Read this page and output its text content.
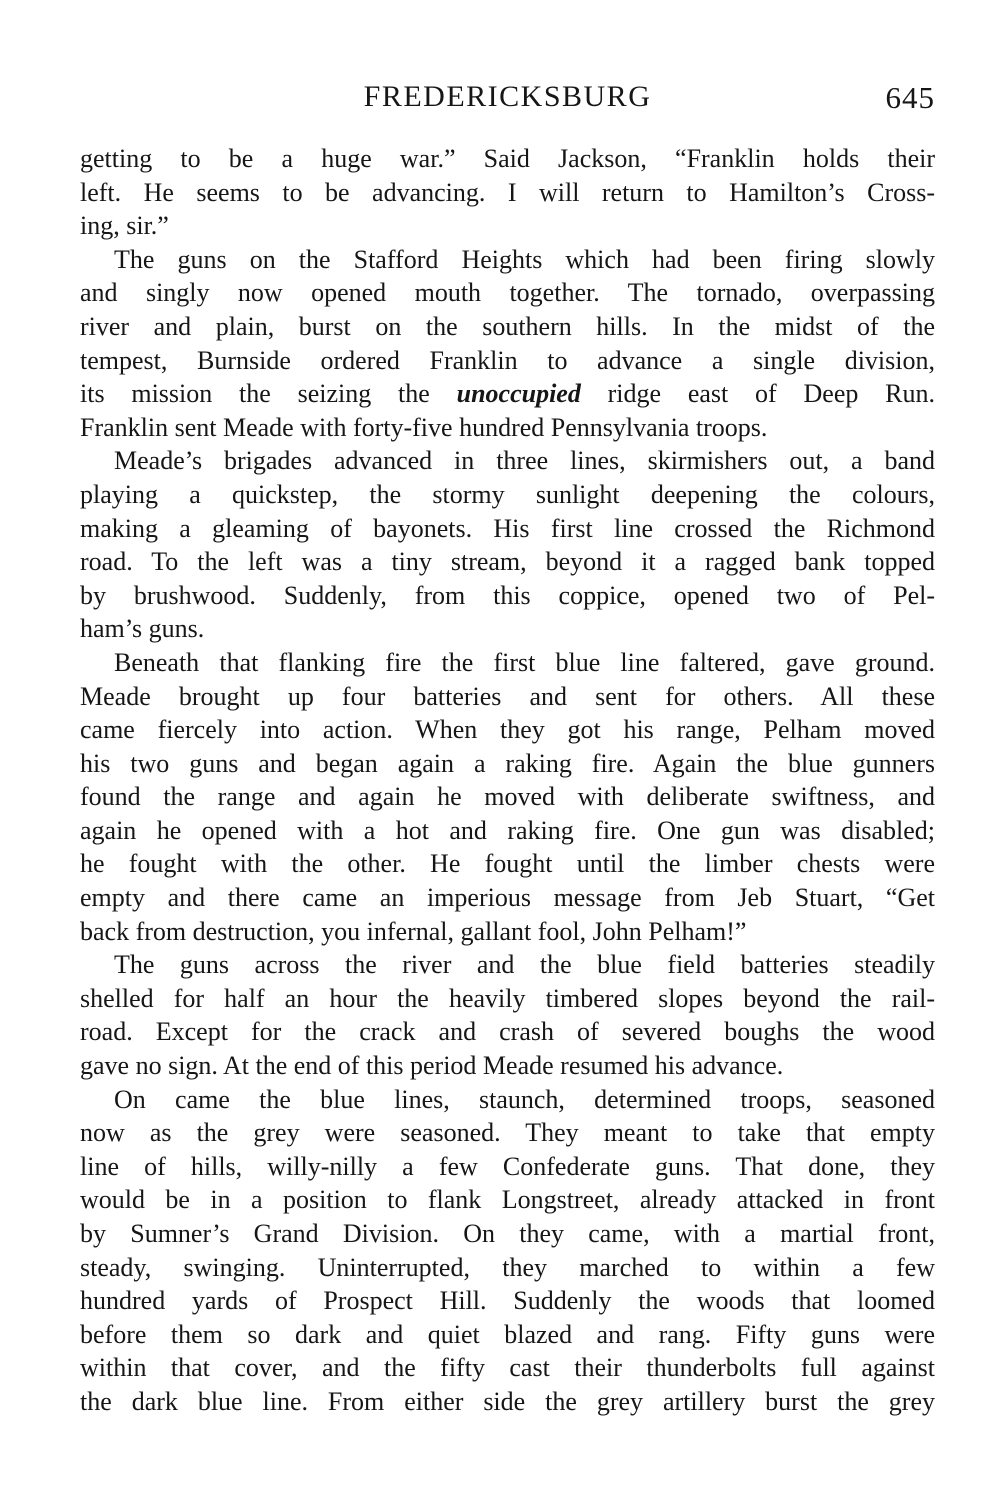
FREDERICKSBURG	645

getting to be a huge war.” Said Jackson, “Franklin holds their

left. He seems to be advancing. I will return to Hamilton’s Cross-

ing, sir.”

The guns on the Stafford Heights which had been firing slowly

and singly now opened mouth together. The tornado, overpassing

river and plain, burst on the southern hills. In the midst of the

tempest, Burnside ordered Franklin to advance a single division,

its mission the seizing the unoccupied ridge east of Deep Run.

Franklin sent Meade with forty-five hundred Pennsylvania troops.

Meade’s brigades advanced in three lines, skirmishers out, a band

playing a quickstep, the stormy sunlight deepening the colours,

making a gleaming of bayonets. His first line crossed the Richmond

road. To the left was a tiny stream, beyond it a ragged bank topped

by brushwood. Suddenly, from this coppice, opened two of Pel-

ham’s guns.

Beneath that flanking fire the first blue line faltered, gave ground.

Meade brought up four batteries and sent for others. All these

came fiercely into action. When they got his range, Pelham moved

his two guns and began again a raking fire. Again the blue gunners

found the range and again he moved with deliberate swiftness, and

again he opened with a hot and raking fire. One gun was disabled;

he fought with the other. He fought until the limber chests were

empty and there came an imperious message from Jeb Stuart, “Get

back from destruction, you infernal, gallant fool, John Pelham!”

The guns across the river and the blue field batteries steadily

shelled for half an hour the heavily timbered slopes beyond the rail-

road. Except for the crack and crash of severed boughs the wood

gave no sign. At the end of this period Meade resumed his advance.

On came the blue lines, staunch, determined troops, seasoned

now as the grey were seasoned. They meant to take that empty

line of hills, willy-nilly a few Confederate guns. That done, they

would be in a position to flank Longstreet, already attacked in front

by Sumner’s Grand Division. On they came, with a martial front,

steady, swinging. Uninterrupted, they marched to within a few

hundred yards of Prospect Hill. Suddenly the woods that loomed

before them so dark and quiet blazed and rang. Fifty guns were

within that cover, and the fifty cast their thunderbolts full against

the dark blue line. From either side the grey artillery burst the grey
